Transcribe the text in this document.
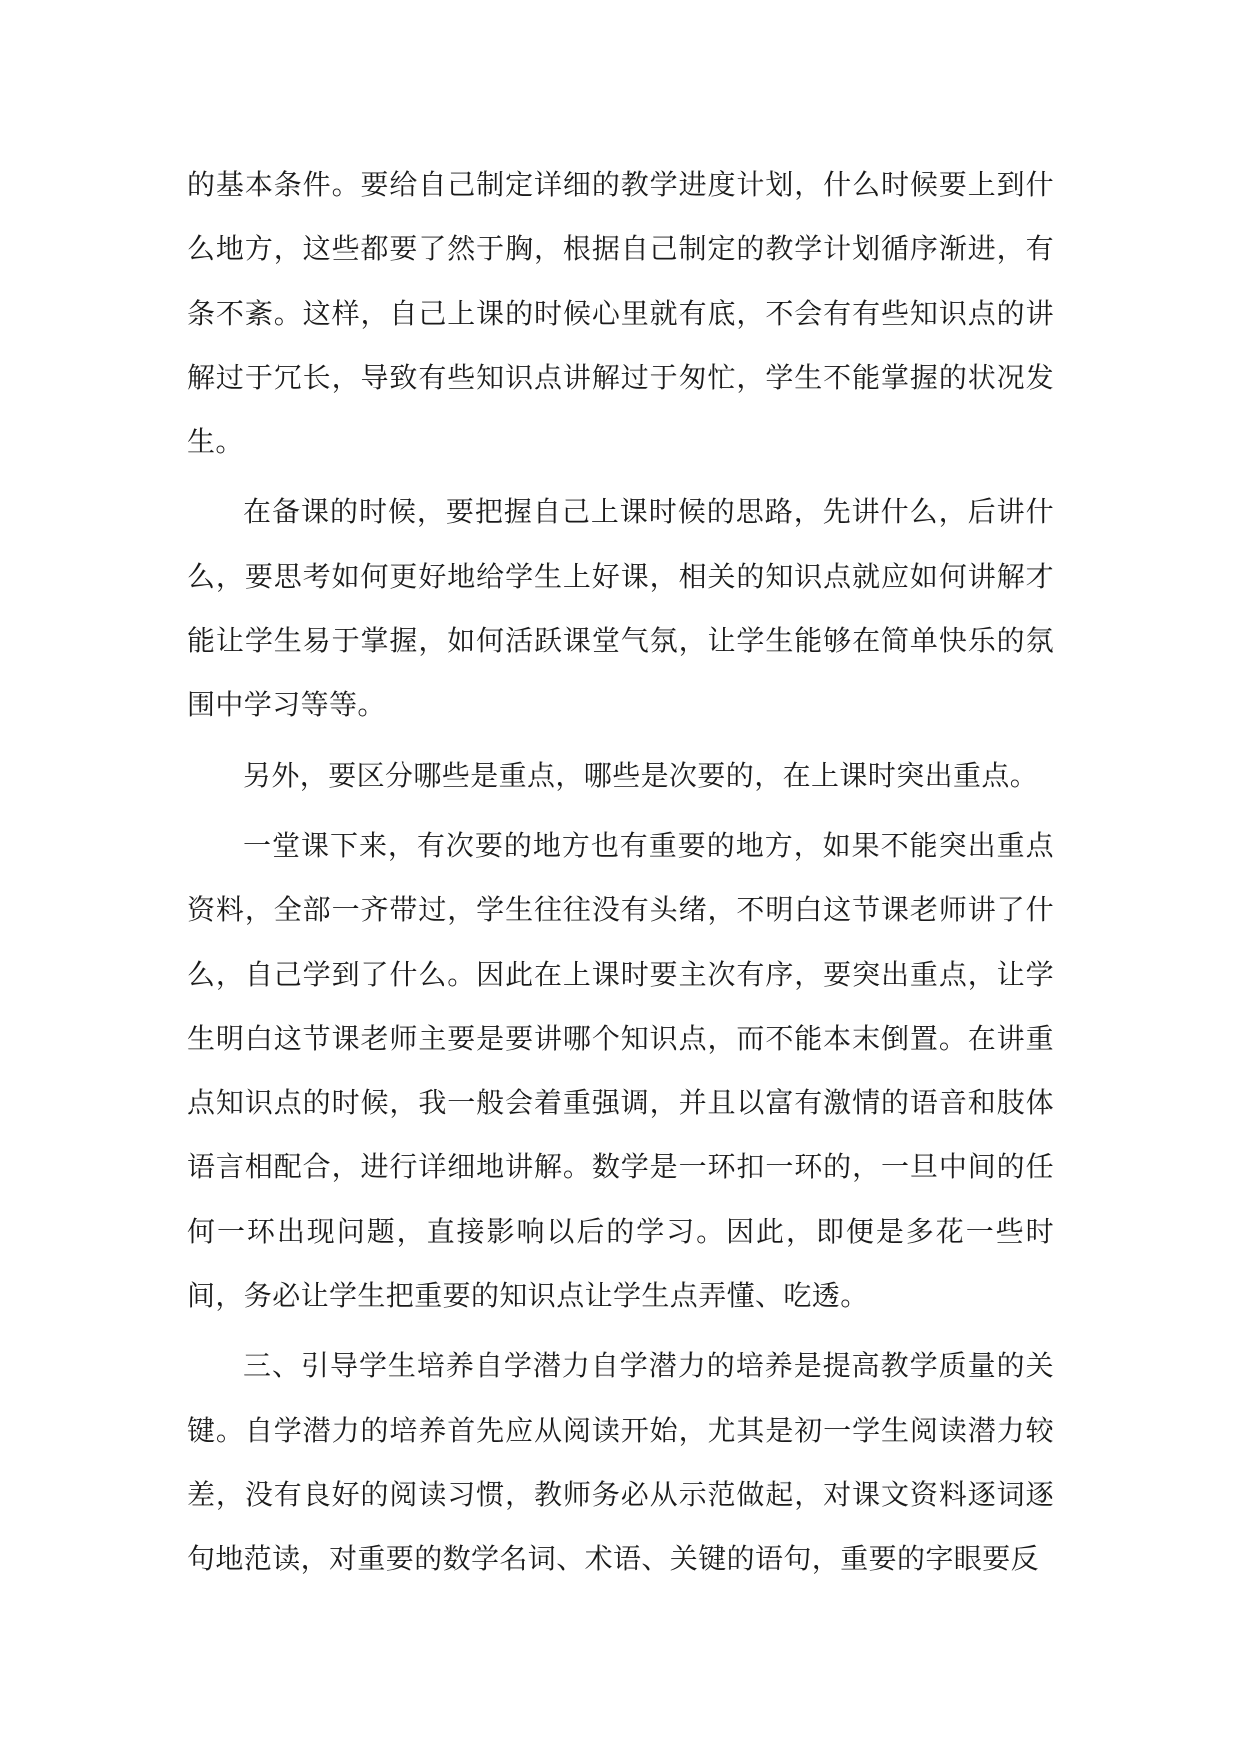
的基本条件。要给自己制定详细的教学进度计划，什么时候要上到什么地方，这些都要了然于胸，根据自己制定的教学计划循序渐进，有条不紊。这样，自己上课的时候心里就有底，不会有有些知识点的讲解过于冗长，导致有些知识点讲解过于匆忙，学生不能掌握的状况发生。

在备课的时候，要把握自己上课时候的思路，先讲什么，后讲什么，要思考如何更好地给学生上好课，相关的知识点就应如何讲解才能让学生易于掌握，如何活跃课堂气氛，让学生能够在简单快乐的氛围中学习等等。

另外，要区分哪些是重点，哪些是次要的，在上课时突出重点。

一堂课下来，有次要的地方也有重要的地方，如果不能突出重点资料，全部一齐带过，学生往往没有头绪，不明白这节课老师讲了什么，自己学到了什么。因此在上课时要主次有序，要突出重点，让学生明白这节课老师主要是要讲哪个知识点，而不能本末倒置。在讲重点知识点的时候，我一般会着重强调，并且以富有激情的语音和肢体语言相配合，进行详细地讲解。数学是一环扣一环的，一旦中间的任何一环出现问题，直接影响以后的学习。因此，即便是多花一些时间，务必让学生把重要的知识点让学生点弄懂、吃透。

三、引导学生培养自学潜力自学潜力的培养是提高教学质量的关键。自学潜力的培养首先应从阅读开始，尤其是初一学生阅读潜力较差，没有良好的阅读习惯，教师务必从示范做起，对课文资料逐词逐句地范读，对重要的数学名词、术语、关键的语句，重要的字眼要反
